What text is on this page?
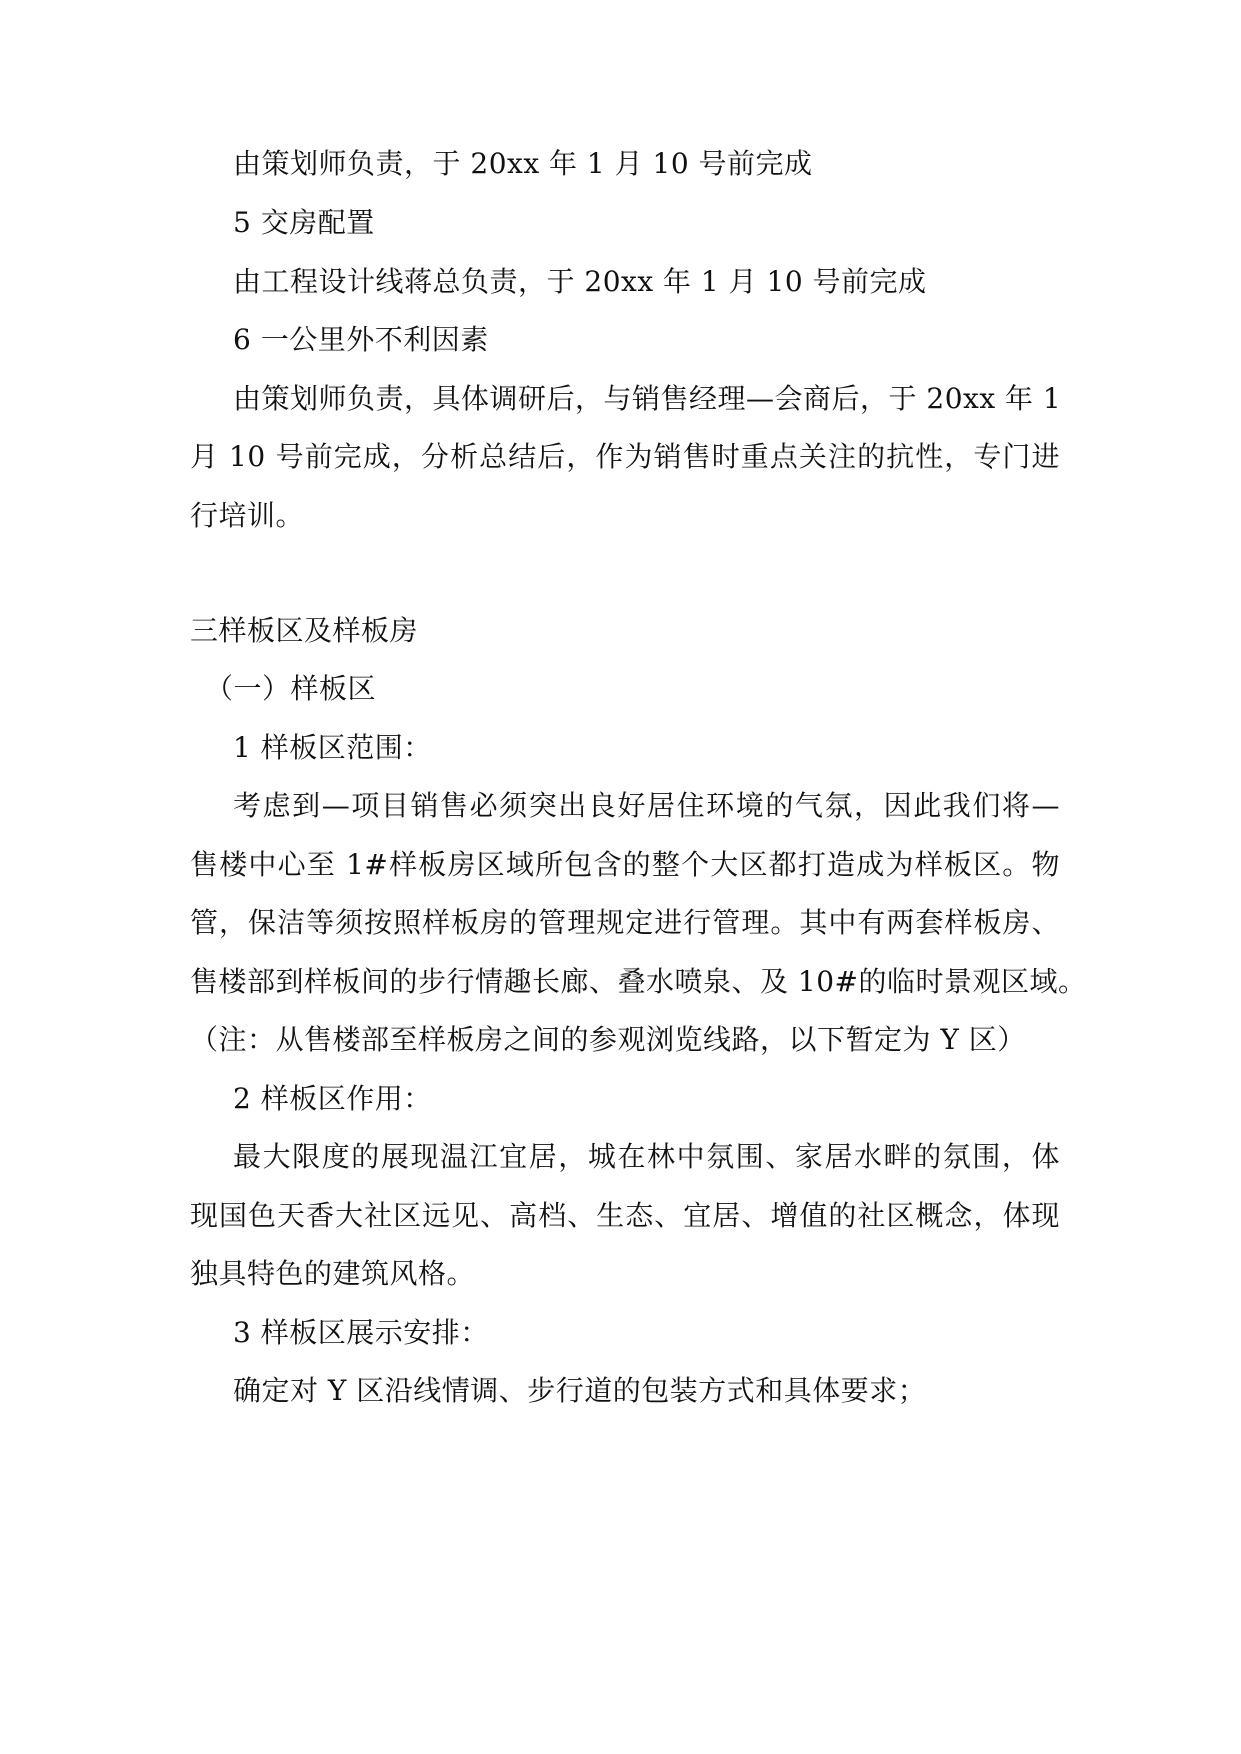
由策划师负责，于 20xx 年 1 月 10 号前完成
5 交房配置
由工程设计线蒋总负责，于 20xx 年 1 月 10 号前完成
6 一公里外不利因素
由策划师负责，具体调研后，与销售经理—会商后，于 20xx 年 1
月 10 号前完成，分析总结后，作为销售时重点关注的抗性，专门进
行培训。
三样板区及样板房
（一）样板区
1 样板区范围：
考虑到—项目销售必须突出良好居住环境的气氛，因此我们将—
售楼中心至 1#样板房区域所包含的整个大区都打造成为样板区。物
管，保洁等须按照样板房的管理规定进行管理。其中有两套样板房、
售楼部到样板间的步行情趣长廊、叠水喷泉、及 10#的临时景观区域。
（注：从售楼部至样板房之间的参观浏览线路，以下暂定为 Y 区）
2 样板区作用：
最大限度的展现温江宜居，城在林中氛围、家居水畔的氛围，体
现国色天香大社区远见、高档、生态、宜居、增值的社区概念，体现
独具特色的建筑风格。
3 样板区展示安排：
确定对 Y 区沿线情调、步行道的包装方式和具体要求；
